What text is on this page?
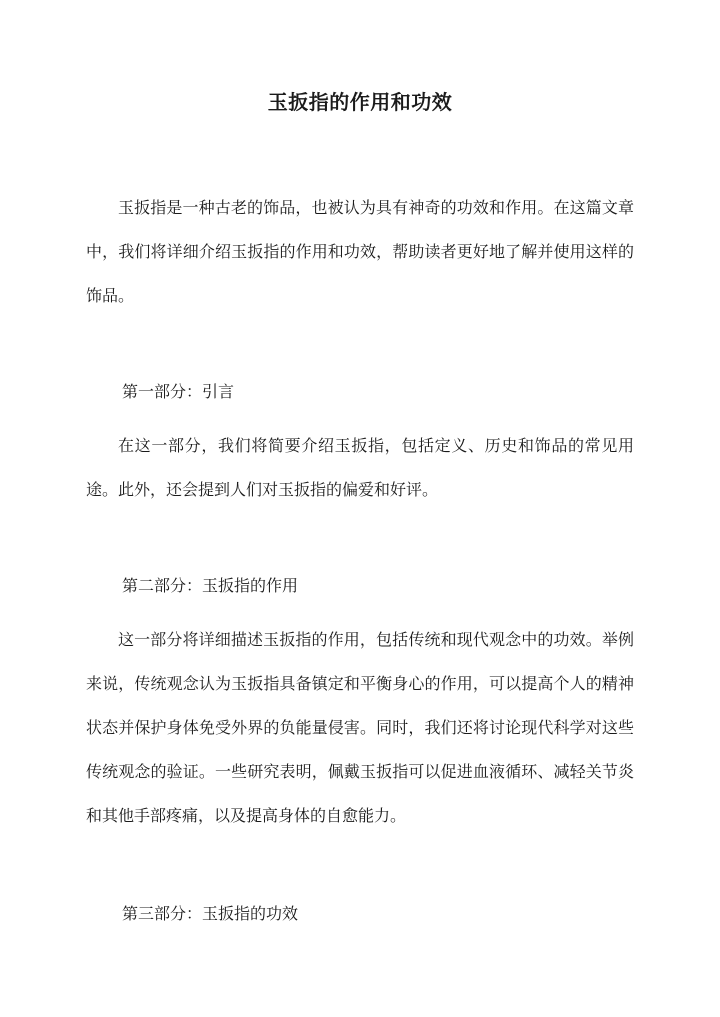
玉扳指的作用和功效

玉扳指是一种古老的饰品，也被认为具有神奇的功效和作用。在这篇文章中，我们将详细介绍玉扳指的作用和功效，帮助读者更好地了解并使用这样的饰品。

第一部分：引言

在这一部分，我们将简要介绍玉扳指，包括定义、历史和饰品的常见用途。此外，还会提到人们对玉扳指的偏爱和好评。

第二部分：玉扳指的作用

这一部分将详细描述玉扳指的作用，包括传统和现代观念中的功效。举例来说，传统观念认为玉扳指具备镇定和平衡身心的作用，可以提高个人的精神状态并保护身体免受外界的负能量侵害。同时，我们还将讨论现代科学对这些传统观念的验证。一些研究表明，佩戴玉扳指可以促进血液循环、减轻关节炎和其他手部疼痛，以及提高身体的自愈能力。

第三部分：玉扳指的功效
